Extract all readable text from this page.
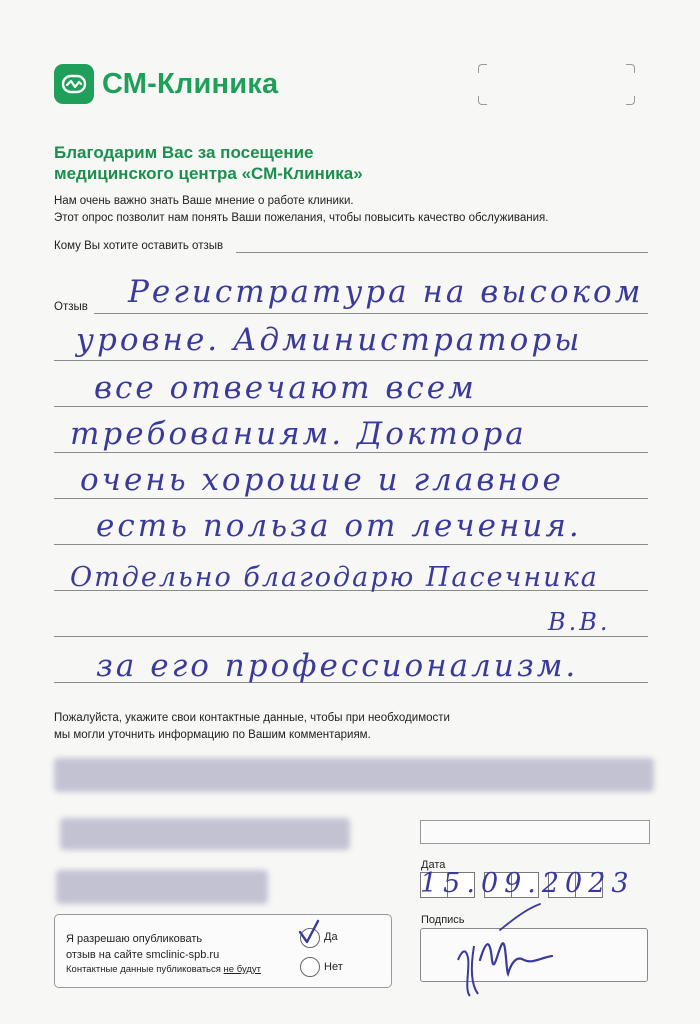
СМ-Клиника
Благодарим Вас за посещение
медицинского центра «СМ-Клиника»
Нам очень важно знать Ваше мнение о работе клиники.
Этот опрос позволит нам понять Ваши пожелания, чтобы повысить качество обслуживания.
Кому Вы хотите оставить отзыв
Отзыв Регистратура на высоком
уровне. Администраторы
все отвечают всем
требованиям. Доктора
очень хорошие и главное
есть польза от лечения.
Отдельно благодарю Пасечника
В.В.
за его профессионализм.
Пожалуйста, укажите свои контактные данные, чтобы при необходимости
мы могли уточнить информацию по Вашим комментариям.
Дата
15.09.2023
Я разрешаю опубликовать
отзыв на сайте smclinic-spb.ru
Контактные данные публиковаться не будут
Да
Нет
Подпись
